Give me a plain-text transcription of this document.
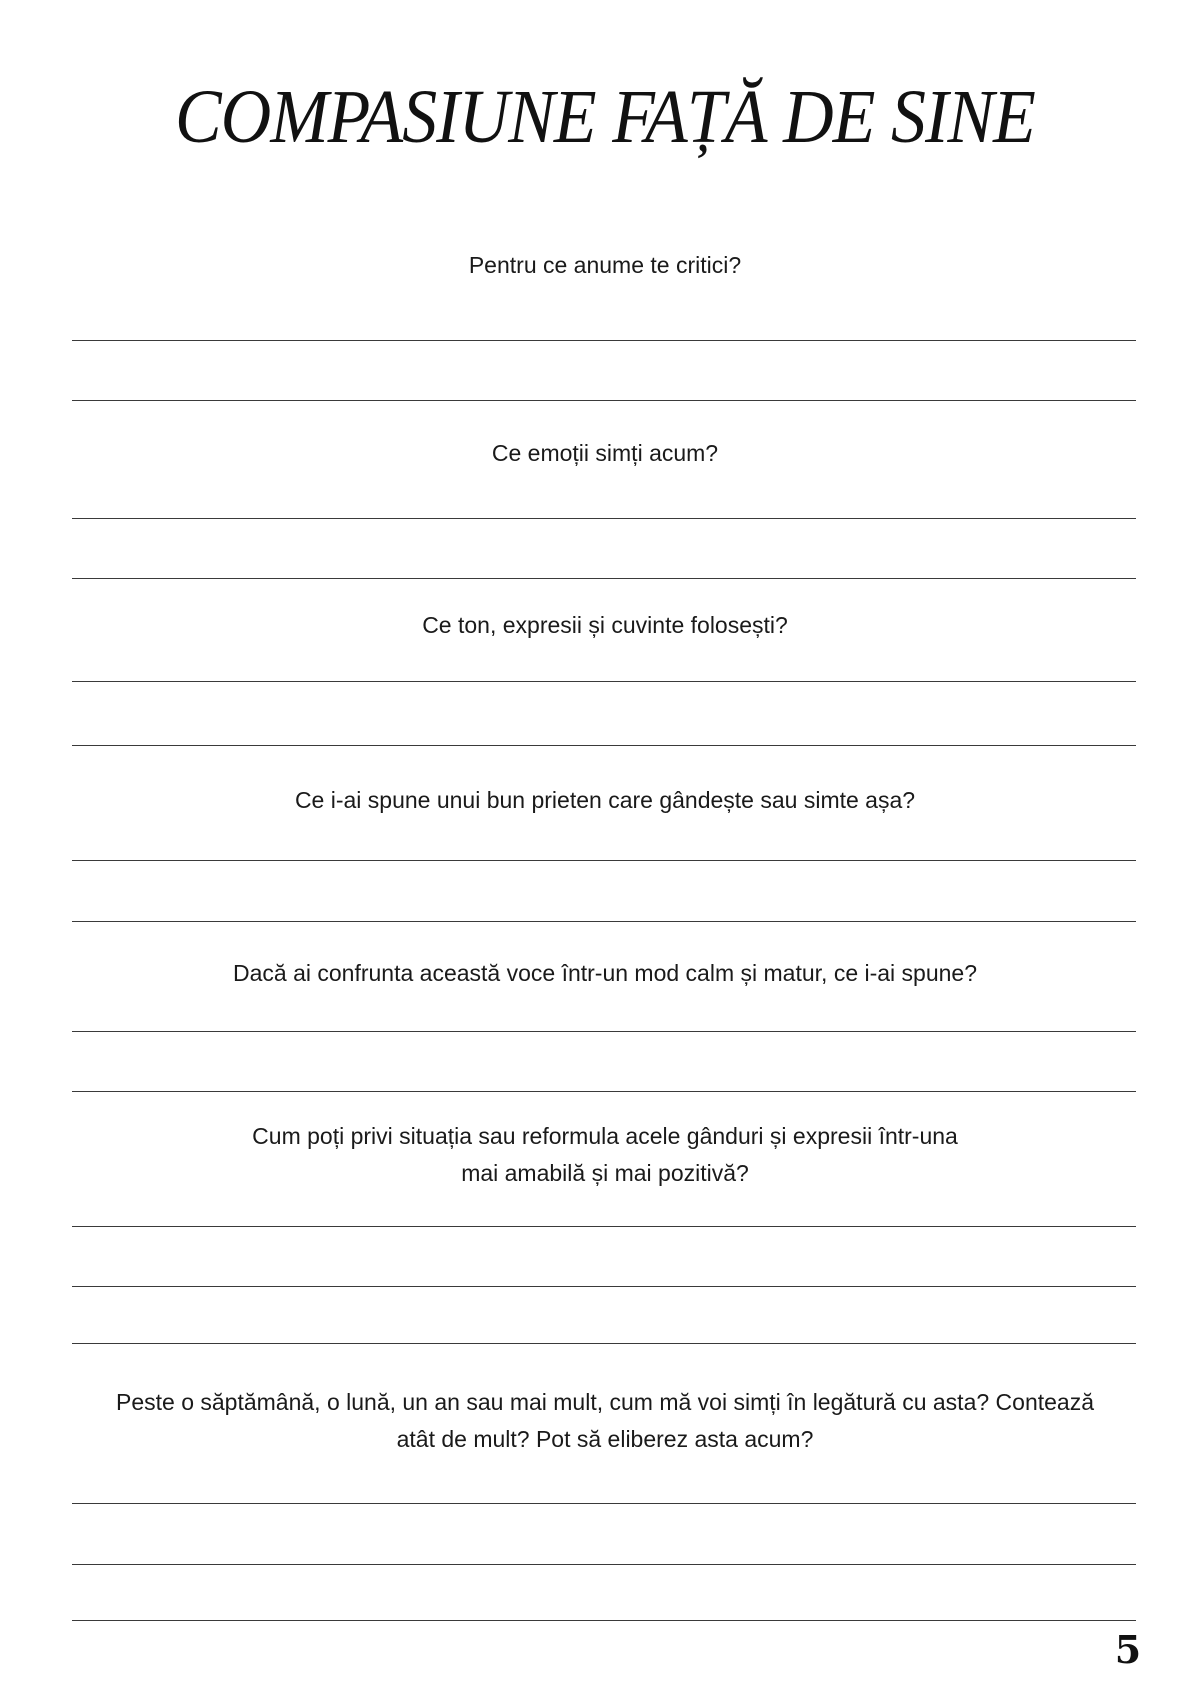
COMPASIUNE FAȚĂ DE SINE

Pentru ce anume te critici?

Ce emoții simți acum?

Ce ton, expresii și cuvinte folosești?

Ce i-ai spune unui bun prieten care gândește sau simte așa?

Dacă ai confrunta această voce într-un mod calm și matur, ce i-ai spune?

Cum poți privi situația sau reformula acele gânduri și expresii într-una
mai amabilă și mai pozitivă?
Peste o săptămână, o lună, un an sau mai mult, cum mă voi simți în legătură cu asta? Contează
atât de mult? Pot să eliberez asta acum?
5
